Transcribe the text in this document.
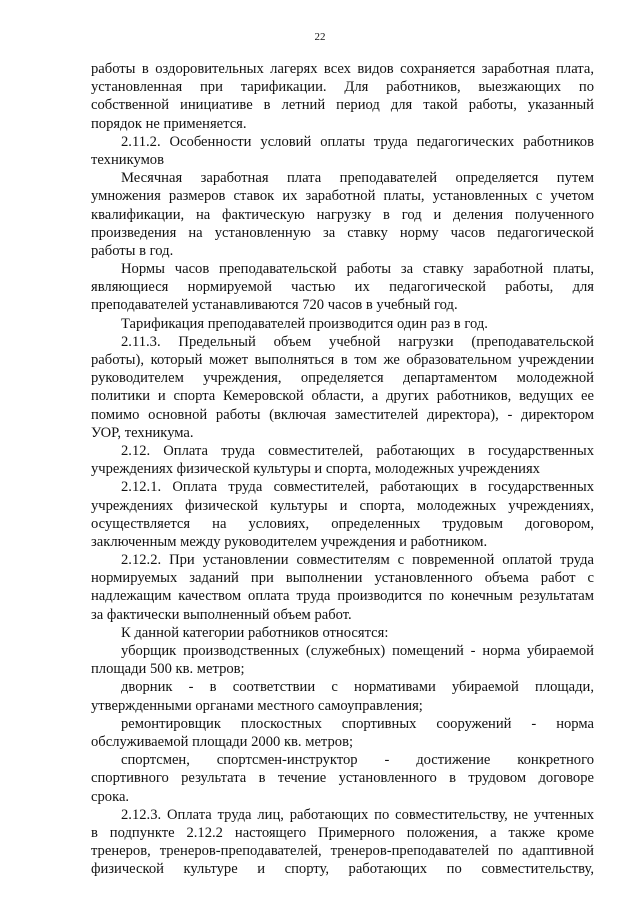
22
работы в оздоровительных лагерях всех видов сохраняется заработная плата,
установленная при тарификации. Для работников, выезжающих по
собственной инициативе в летний период для такой работы, указанный
порядок не применяется.
2.11.2. Особенности условий оплаты труда педагогических работников
техникумов
Месячная заработная плата преподавателей определяется путем
умножения размеров ставок их заработной платы, установленных с учетом
квалификации, на фактическую нагрузку в год и деления полученного
произведения на установленную за ставку норму часов педагогической
работы в год.
Нормы часов преподавательской работы за ставку заработной платы,
являющиеся нормируемой частью их педагогической работы, для
преподавателей устанавливаются 720 часов в учебный год.
Тарификация преподавателей производится один раз в год.
2.11.3. Предельный объем учебной нагрузки (преподавательской
работы), который может выполняться в том же образовательном учреждении
руководителем учреждения, определяется департаментом молодежной
политики и спорта Кемеровской области, а других работников, ведущих ее
помимо основной работы (включая заместителей директора), - директором
УОР, техникума.
2.12. Оплата труда совместителей, работающих в государственных
учреждениях физической культуры и спорта, молодежных учреждениях
2.12.1. Оплата труда совместителей, работающих в государственных
учреждениях физической культуры и спорта, молодежных учреждениях,
осуществляется на условиях, определенных трудовым договором,
заключенным между руководителем учреждения и работником.
2.12.2. При установлении совместителям с повременной оплатой труда
нормируемых заданий при выполнении установленного объема работ с
надлежащим качеством оплата труда производится по конечным результатам
за фактически выполненный объем работ.
К данной категории работников относятся:
уборщик производственных (служебных) помещений - норма убираемой
площади 500 кв. метров;
дворник - в соответствии с нормативами убираемой площади,
утвержденными органами местного самоуправления;
ремонтировщик плоскостных спортивных сооружений - норма
обслуживаемой площади 2000 кв. метров;
спортсмен, спортсмен-инструктор - достижение конкретного
спортивного результата в течение установленного в трудовом договоре
срока.
2.12.3. Оплата труда лиц, работающих по совместительству, не учтенных
в подпункте 2.12.2 настоящего Примерного положения, а также кроме
тренеров, тренеров-преподавателей, тренеров-преподавателей по адаптивной
физической культуре и спорту, работающих по совместительству,
